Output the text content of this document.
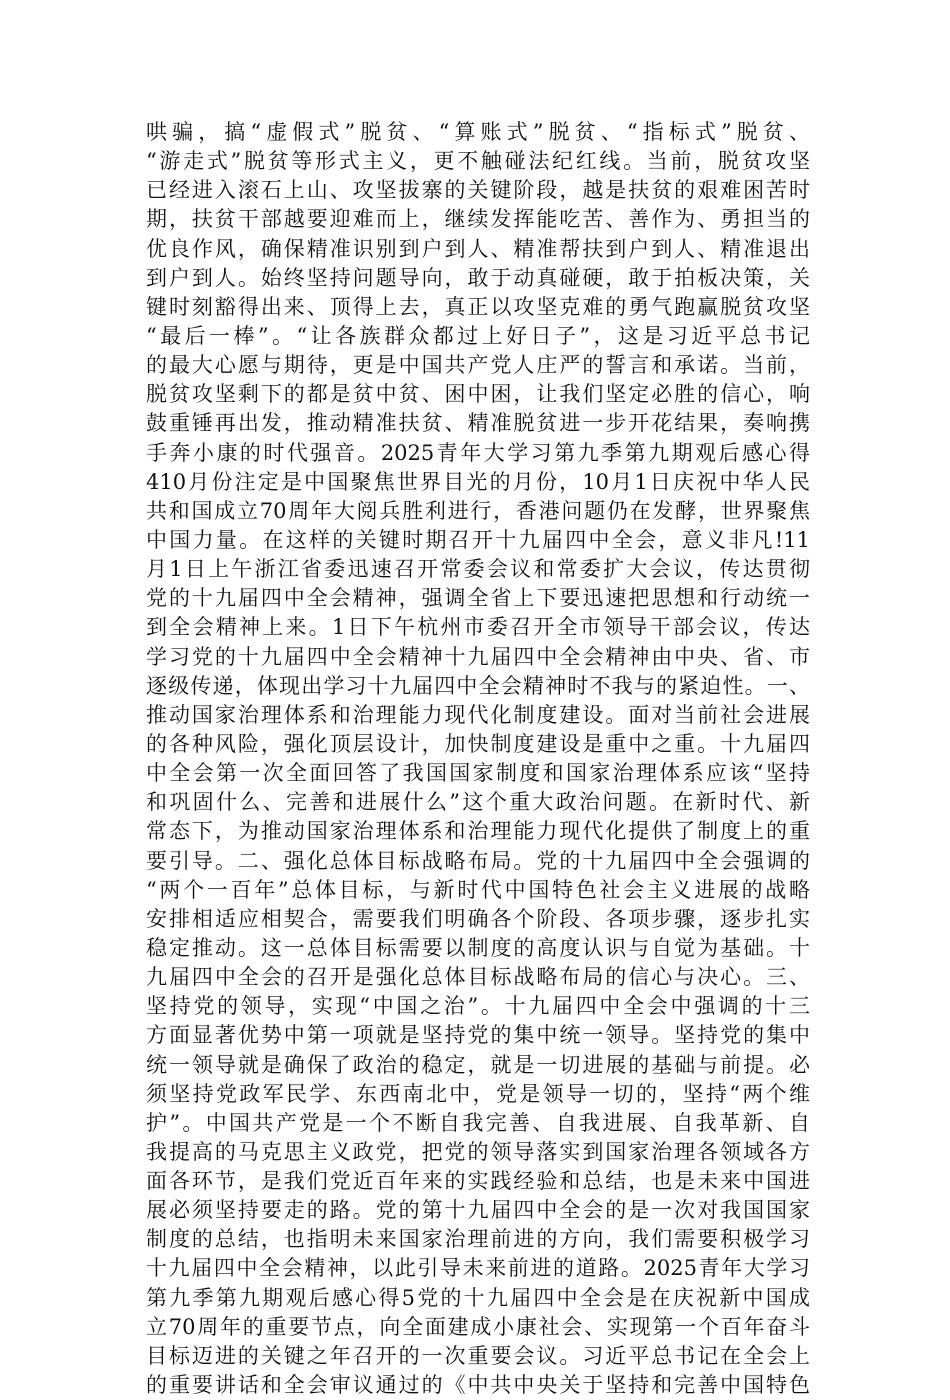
哄骗，搞“虚假式”脱贫、“算账式”脱贫、“指标式”脱贫、
“游走式”脱贫等形式主义，更不触碰法纪红线。当前，脱贫攻坚
已经进入滚石上山、攻坚拔寨的关键阶段，越是扶贫的艰难困苦时
期，扶贫干部越要迎难而上，继续发挥能吃苦、善作为、勇担当的
优良作风，确保精准识别到户到人、精准帮扶到户到人、精准退出
到户到人。始终坚持问题导向，敢于动真碰硬，敢于拍板决策，关
键时刻豁得出来、顶得上去，真正以攻坚克难的勇气跑赢脱贫攻坚
“最后一棒”。“让各族群众都过上好日子”，这是习近平总书记
的最大心愿与期待，更是中国共产党人庄严的誓言和承诺。当前，
脱贫攻坚剩下的都是贫中贫、困中困，让我们坚定必胜的信心，响
鼓重锤再出发，推动精准扶贫、精准脱贫进一步开花结果，奏响携
手奔小康的时代强音。2025青年大学习第九季第九期观后感心得
410月份注定是中国聚焦世界目光的月份，10月1日庆祝中华人民
共和国成立70周年大阅兵胜利进行，香港问题仍在发酵，世界聚焦
中国力量。在这样的关键时期召开十九届四中全会，意义非凡!11
月1日上午浙江省委迅速召开常委会议和常委扩大会议，传达贯彻
党的十九届四中全会精神，强调全省上下要迅速把思想和行动统一
到全会精神上来。1日下午杭州市委召开全市领导干部会议，传达
学习党的十九届四中全会精神十九届四中全会精神由中央、省、市
逐级传递，体现出学习十九届四中全会精神时不我与的紧迫性。一、
推动国家治理体系和治理能力现代化制度建设。面对当前社会进展
的各种风险，强化顶层设计，加快制度建设是重中之重。十九届四
中全会第一次全面回答了我国国家制度和国家治理体系应该“坚持
和巩固什么、完善和进展什么”这个重大政治问题。在新时代、新
常态下，为推动国家治理体系和治理能力现代化提供了制度上的重
要引导。二、强化总体目标战略布局。党的十九届四中全会强调的
“两个一百年”总体目标，与新时代中国特色社会主义进展的战略
安排相适应相契合，需要我们明确各个阶段、各项步骤，逐步扎实
稳定推动。这一总体目标需要以制度的高度认识与自觉为基础。十
九届四中全会的召开是强化总体目标战略布局的信心与决心。三、
坚持党的领导，实现“中国之治”。十九届四中全会中强调的十三
方面显著优势中第一项就是坚持党的集中统一领导。坚持党的集中
统一领导就是确保了政治的稳定，就是一切进展的基础与前提。必
须坚持党政军民学、东西南北中，党是领导一切的，坚持“两个维
护”。中国共产党是一个不断自我完善、自我进展、自我革新、自
我提高的马克思主义政党，把党的领导落实到国家治理各领域各方
面各环节，是我们党近百年来的实践经验和总结，也是未来中国进
展必须坚持要走的路。党的第十九届四中全会的是一次对我国国家
制度的总结，也指明未来国家治理前进的方向，我们需要积极学习
十九届四中全会精神，以此引导未来前进的道路。2025青年大学习
第九季第九期观后感心得5党的十九届四中全会是在庆祝新中国成
立70周年的重要节点，向全面建成小康社会、实现第一个百年奋斗
目标迈进的关键之年召开的一次重要会议。习近平总书记在全会上
的重要讲话和全会审议通过的《中共中央关于坚持和完善中国特色
